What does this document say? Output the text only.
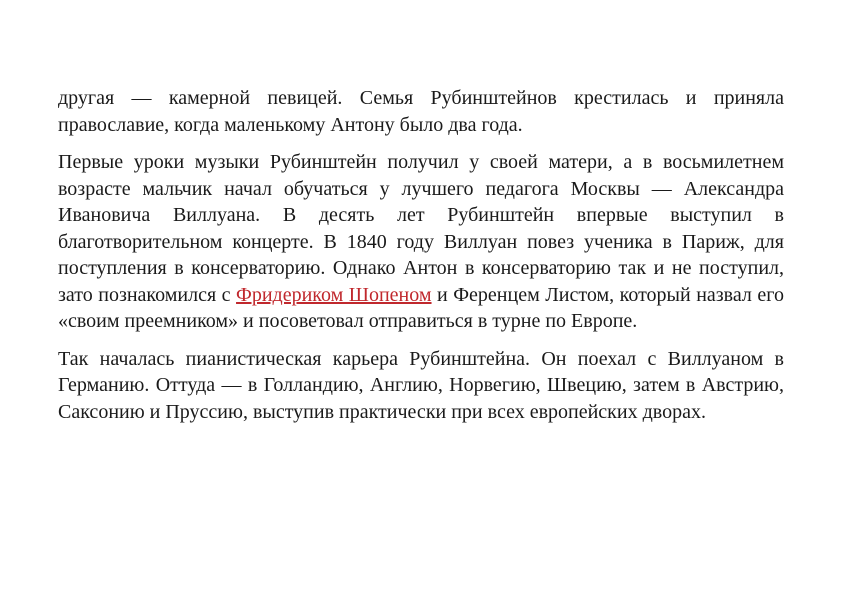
другая — камерной певицей. Семья Рубинштейнов крестилась и приняла православие, когда маленькому Антону было два года.

Первые уроки музыки Рубинштейн получил у своей матери, а в восьмилетнем возрасте мальчик начал обучаться у лучшего педагога Москвы — Александра Ивановича Виллуана. В десять лет Рубинштейн впервые выступил в благотворительном концерте. В 1840 году Виллуан повез ученика в Париж, для поступления в консерваторию. Однако Антон в консерваторию так и не поступил, зато познакомился с Фридериком Шопеном и Ференцем Листом, который назвал его «своим преемником» и посоветовал отправиться в турне по Европе.

Так началась пианистическая карьера Рубинштейна. Он поехал с Виллуаном в Германию. Оттуда — в Голландию, Англию, Норвегию, Швецию, затем в Австрию, Саксонию и Пруссию, выступив практически при всех европейских дворах.
